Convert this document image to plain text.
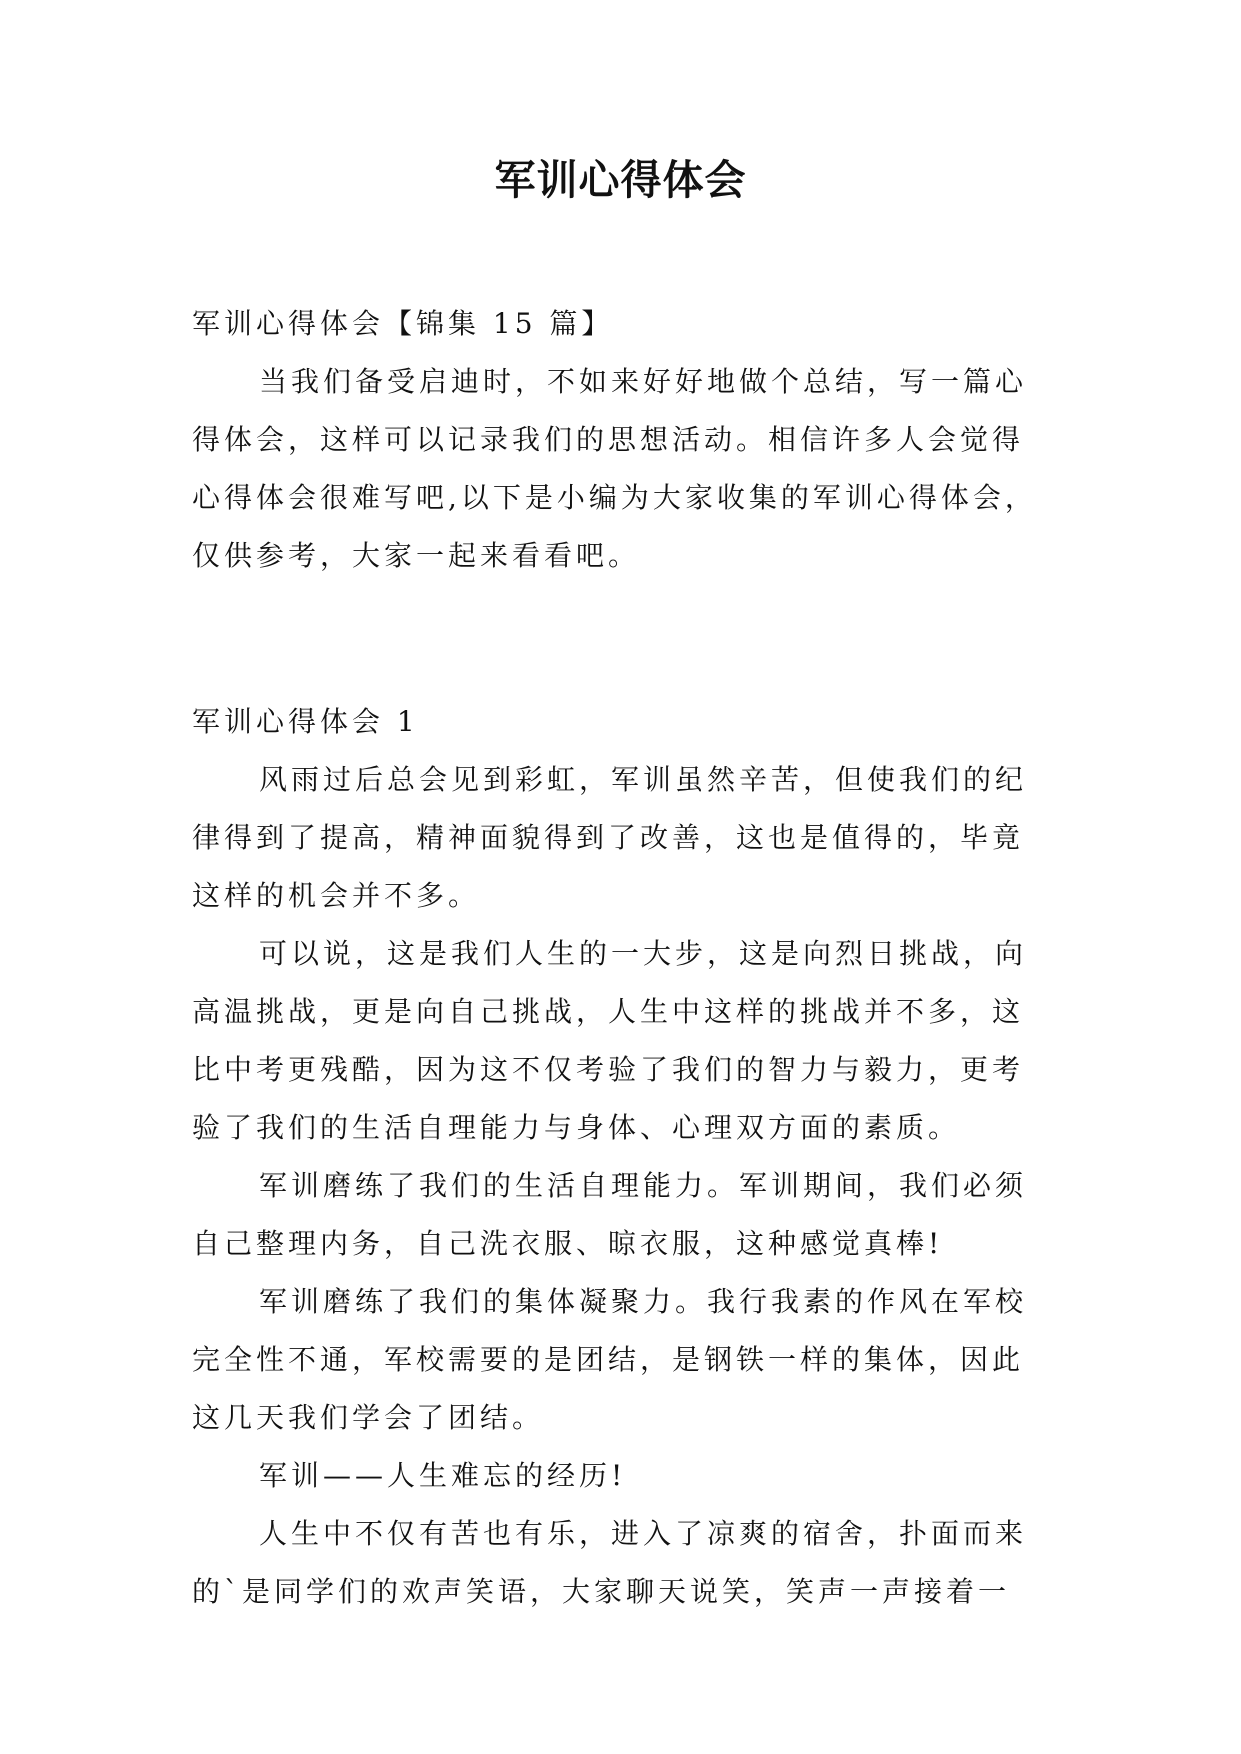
军训心得体会
军训心得体会【锦集 15 篇】
当我们备受启迪时，不如来好好地做个总结，写一篇心
得体会，这样可以记录我们的思想活动。相信许多人会觉得
心得体会很难写吧,以下是小编为大家收集的军训心得体会，
仅供参考，大家一起来看看吧。
军训心得体会 1
风雨过后总会见到彩虹，军训虽然辛苦，但使我们的纪
律得到了提高，精神面貌得到了改善，这也是值得的，毕竟
这样的机会并不多。
可以说，这是我们人生的一大步，这是向烈日挑战，向
高温挑战，更是向自己挑战，人生中这样的挑战并不多，这
比中考更残酷，因为这不仅考验了我们的智力与毅力，更考
验了我们的生活自理能力与身体、心理双方面的素质。
军训磨练了我们的生活自理能力。军训期间，我们必须
自己整理内务，自己洗衣服、晾衣服，这种感觉真棒!
军训磨练了我们的集体凝聚力。我行我素的作风在军校
完全性不通，军校需要的是团结，是钢铁一样的集体，因此
这几天我们学会了团结。
军训——人生难忘的经历!
人生中不仅有苦也有乐，进入了凉爽的宿舍，扑面而来
的`是同学们的欢声笑语，大家聊天说笑，笑声一声接着一
